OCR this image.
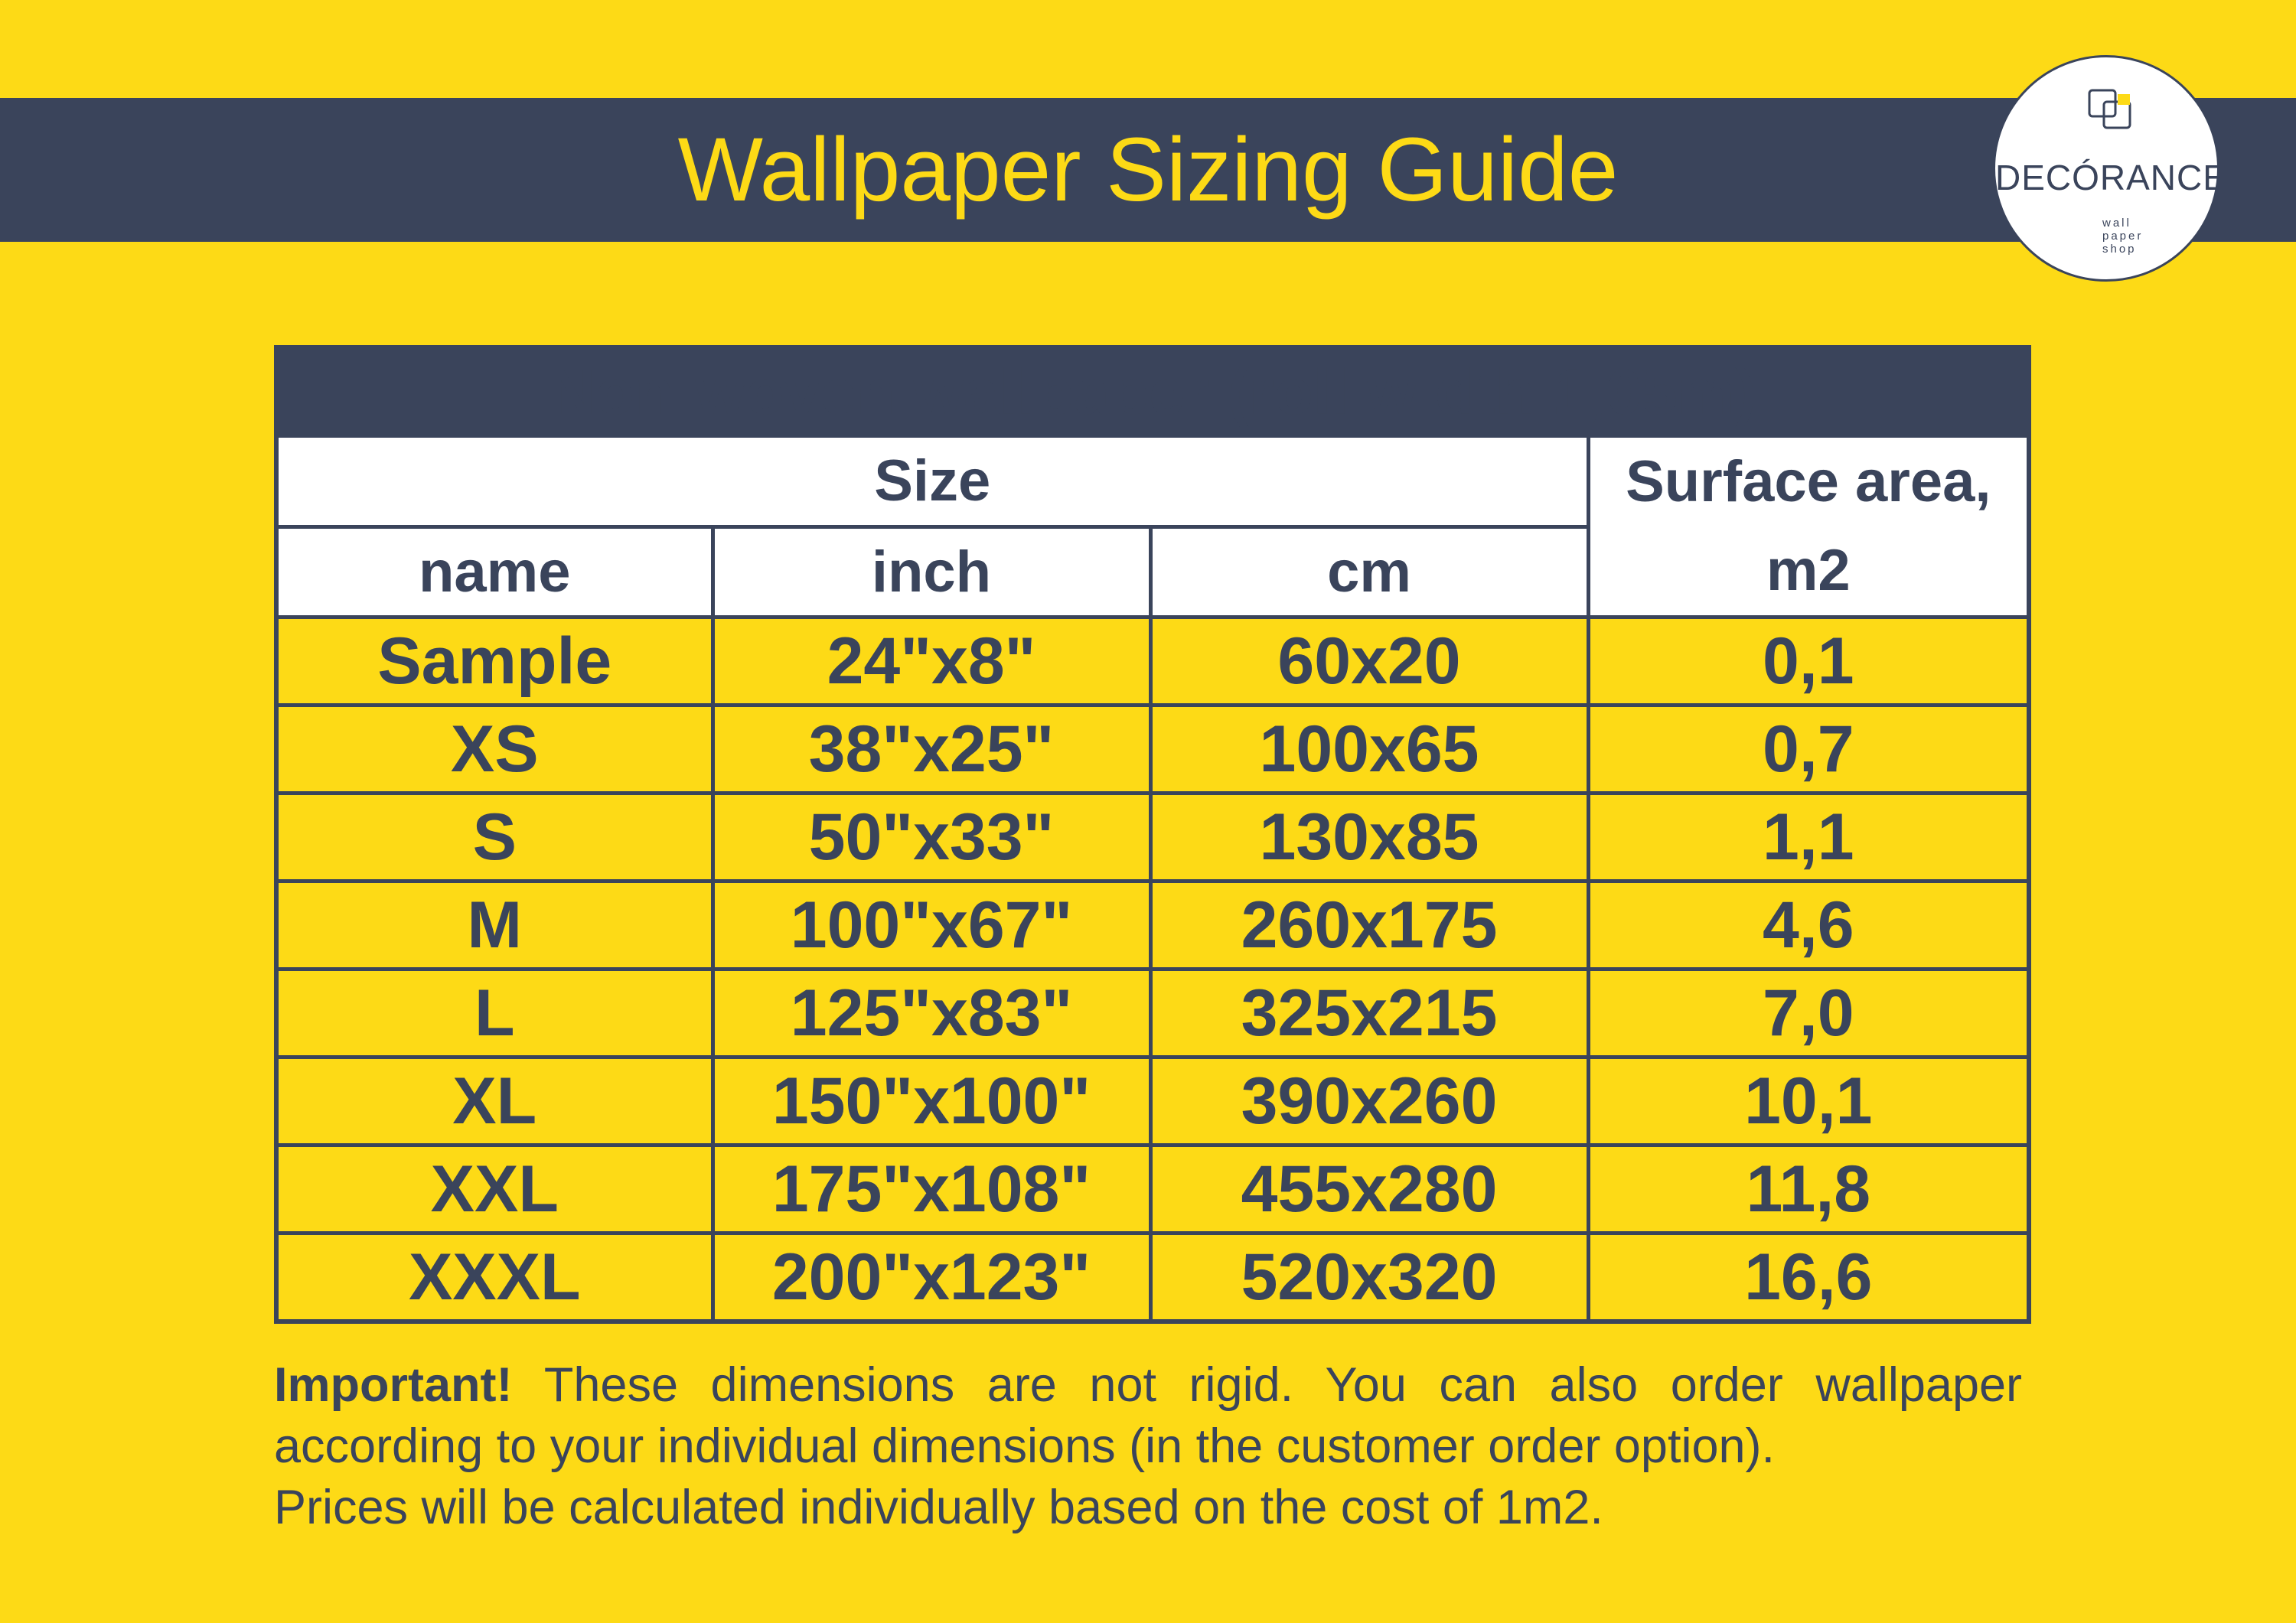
Wallpaper Sizing Guide	DECÓRANCE
wall
paper
shop
Non-woven wallpaper (roll width 1,05m)			
Size			Surface area,
m2
name	inch	cm	
Sample	24"x8"	60x20	0,1
XS	38"x25"	100x65	0,7
S	50"x33"	130x85	1,1
M	100"x67"	260x175	4,6
L	125"x83"	325x215	7,0
XL	150"x100"	390x260	10,1
XXL	175"x108"	455x280	11,8
XXXL	200"x123"	520x320	16,6
Important! These dimensions are not rigid. You can also order wallpaper according to your individual dimensions (in the customer order option).
Prices will be calculated individually based on the cost of 1m2.
